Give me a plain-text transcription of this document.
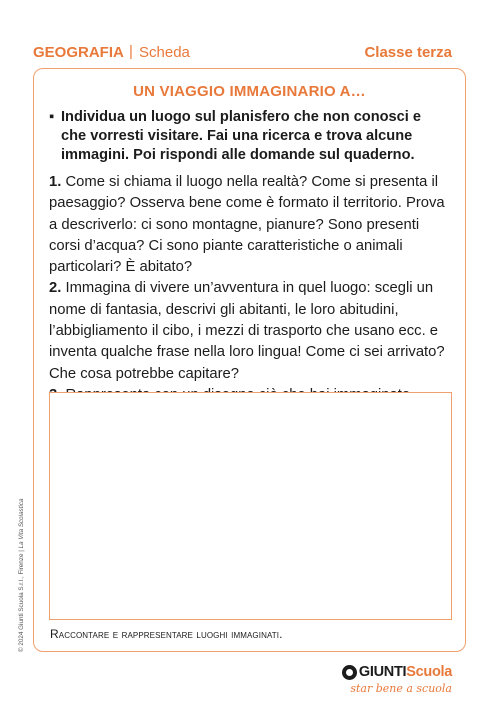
GEOGRAFIA | Scheda	Classe terza
UN VIAGGIO IMMAGINARIO A…
▪ Individua un luogo sul planisfero che non conosci e che vorresti visitare. Fai una ricerca e trova alcune immagini. Poi rispondi alle domande sul quaderno.

1. Come si chiama il luogo nella realtà? Come si presenta il paesaggio? Osserva bene come è formato il territorio. Prova a descriverlo: ci sono montagne, pianure? Sono presenti corsi d’acqua? Ci sono piante caratteristiche o animali particolari? È abitato?

2. Immagina di vivere un’avventura in quel luogo: scegli un nome di fantasia, descrivi gli abitanti, le loro abitudini, l’abbigliamento il cibo, i mezzi di trasporto che usano ecc. e inventa qualche frase nella loro lingua! Come ci sei arrivato? Che cosa potrebbe capitare?

Raccontare e rappresentare luoghi immaginati.
© 2024 Giunti Scuola S.r.l., Firenze | La Vita Scolastica
GIUNTI Scuola
star bene a scuola
